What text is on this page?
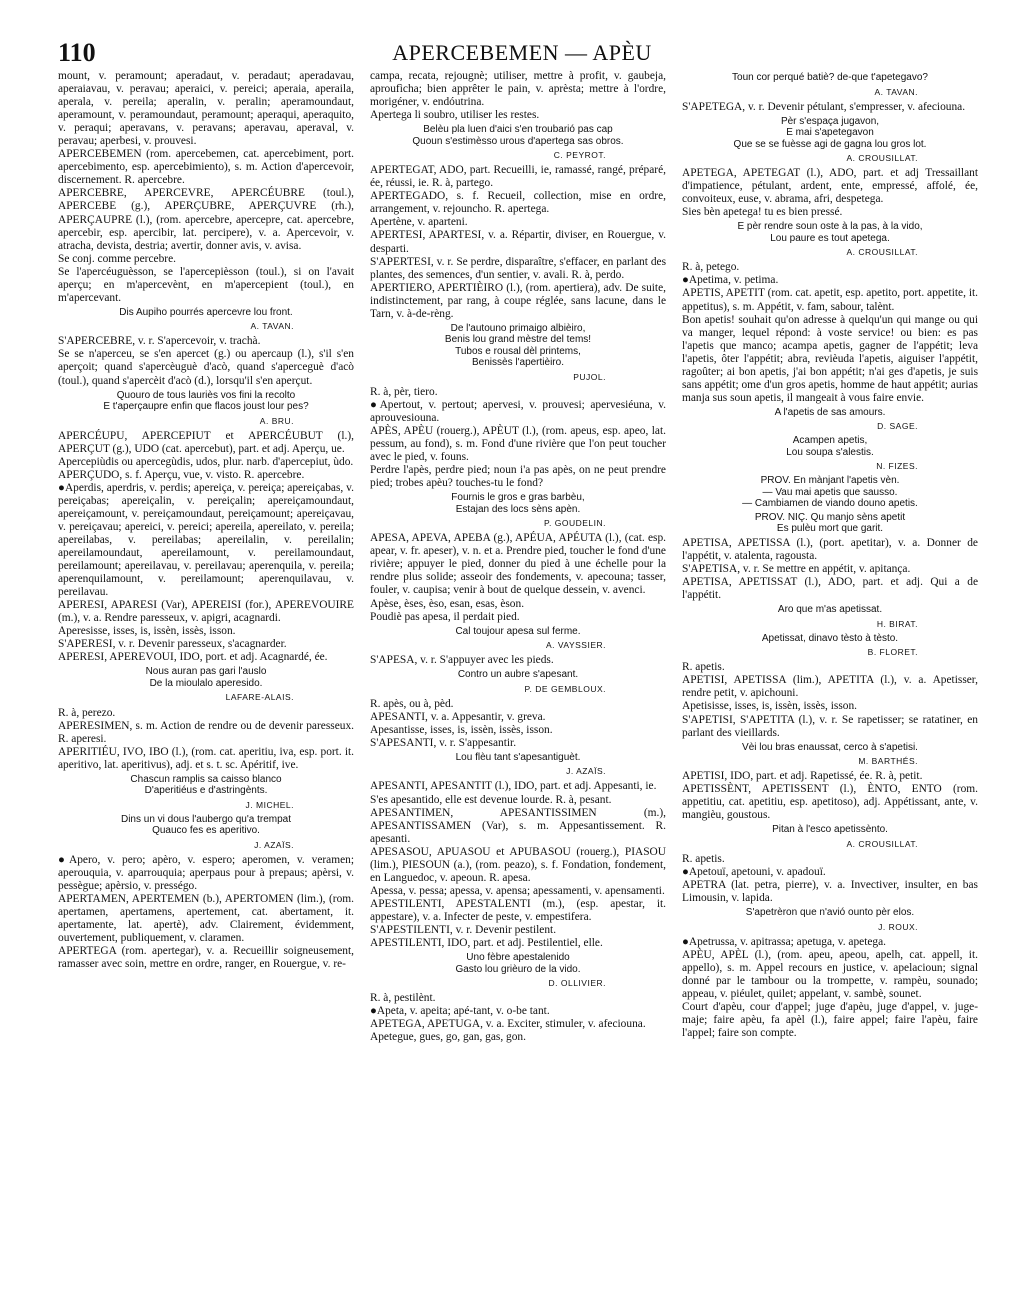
110	APERCEBEMEN — APÈU
mount, v. peramount; aperadaut, v. peradaut; aperadavau, aperaiavau, v. peravau; aperaici, v. pereici; aperaia, aperaila, aperala, v. pereila; aperalin, v. peralin; aperamoundaut, aperamount, v. peramoundaut, peramount; aperaqui, aperaquito, v. peraqui; aperavans, v. peravans; aperavau, aperaval, v. peravau; aperbesi, v. prouvesi.
APERCEBEMEN (rom. apercebemen, cat. apercebiment, port. apercebimento, esp. apercebimiento), s. m. Action d'apercevoir, discernement. R. apercebre.
APERCEBRE, APERCEVRE, APERCÉUBRE (toul.), APERCEBE (g.), APERÇUBRE, APERÇUVRE (rh.), APERÇAUPRE (l.), (rom. apercebre, apercepre, cat. apercebre, apercebir, esp. apercibir, lat. percipere), v. a. Apercevoir, v. atracha, devista, destria; avertir, donner avis, v. avisa.
Se conj. comme percebre.
Se l'apercéuguèsson, se l'apercepièsson (toul.), si on l'avait aperçu; en m'apercevènt, en m'apercepient (toul.), en m'apercevant.
Dis Aupiho pourrés apercevre lou front.
A. TAVAN.
S'APERCEBRE, v. r. S'apercevoir, v. trachà.
Se se n'aperceu, se s'en apercet (g.) ou apercaup (l.), s'il s'en aperçoit; quand s'apercèuguè d'acò, quand s'aperceguè d'acò (toul.), quand s'apercèit d'acò (d.), lorsqu'il s'en aperçut.
Quouro de tous lauriès vos fini la recolto
E t'aperçaupre enfin que flacos joust lour pes?
A. BRU.
APERCÉUPU, APERCEPIUT et APERCÉUBUT (l.), APERÇUT (g.), UDO (cat. apercebut), part. et adj. Aperçu, ue.
Apercepiùdis ou apercegùdis, udos, plur. narb. d'apercepiut, ùdo.
APERÇUDO, s. f. Aperçu, vue, v. visto. R. apercebre.
●Aperdis, aperdris, v. perdis; apereiça, v. pereiça; apereiçabas, v. pereiçabas; apereiçalin, v. pereiçalin; apereiçamoundaut, apereiçamount, v. pereiçamoundaut, pereiçamount; apereiçavau, v. pereiçavau; apereici, v. pereici; apereila, apereilato, v. pereila; apereilabas, v. pereilabas; apereilalin, v. pereilalin; apereilamoundaut, apereilamount, v. pereilamoundaut, pereilamount; apereilavau, v. pereilavau; aperenquila, v. pereila; aperenquilamount, v. pereilamount; aperenquilavau, v. pereilavau.
APERESI, APARESI (Var), APEREISI (for.), APEREVOUIRE (m.), v. a. Rendre paresseux, v. apigri, acagnardi.
Aperesisse, isses, is, issèn, issès, isson.
S'APERESI, v. r. Devenir paresseux, s'acagnarder.
APERESI, APEREVOUI, IDO, port. et adj. Acagnardé, ée.
Nous auran pas gari l'auslo
De la mioulalo aperesido.
LAFARE-ALAIS.
R. à, perezo.
APERESIMEN, s. m. Action de rendre ou de devenir paresseux. R. aperesi.
APERITIÉU, IVO, IBO (l.), (rom. cat. aperitiu, iva, esp. port. it. aperitivo, lat. aperitivus), adj. et s. t. sc. Apéritif, ive.
Chascun ramplis sa caisso blanco
D'aperitiéus e d'astringènts.
J. MICHEL.
Dins un vi dous l'aubergo qu'a trempat
Quauco fes es aperitivo.
J. AZAÏS.
●Apero, v. pero; apèro, v. espero; aperomen, v. veramen; aperouquia, v. aparrouquia; aperpaus pour à prepaus; apèrsi, v. pessègue; apèrsio, v. prességo.
APERTAMEN, APERTEMEN (b.), APERTOMEN (lim.), (rom. apertamen, apertamens, apertement, cat. abertament, it. apertamente, lat. apertè), adv. Clairement, évidemment, ouvertement, publiquement, v. claramen.
APERTEGA (rom. apertegar), v. a. Recueillir soigneusement, ramasser avec soin, mettre en ordre, ranger, en Rouergue, v. re-
campa, recata, rejougnè; utiliser, mettre à profit, v. gaubeja, aproufìcha; bien apprêter le pain, v. aprèsta; mettre à l'ordre, morigéner, v. endóutrina.
Apertega li soubro, utiliser les restes.
Belèu pla luen d'aici s'en troubarió pas cap
Quoun s'estimèsso urous d'apertega sas obros.
C. PEYROT.
APERTEGAT, ADO, part. Recueilli, ie, ramassé, rangé, préparé, ée, réussi, ie. R. à, partego.
APERTEGADO, s. f. Recueil, collection, mise en ordre, arrangement, v. rejouncho. R. apertega.
Apertène, v. aparteni.
APERTESI, APARTESI, v. a. Répartir, diviser, en Rouergue, v. desparti.
S'APERTESI, v. r. Se perdre, disparaître, s'effacer, en parlant des plantes, des semences, d'un sentier, v. avali. R. à, perdo.
APERTIERO, APERTIÈIRO (l.), (rom. apertiera), adv. De suite, indistinctement, par rang, à coupe réglée, sans lacune, dans le Tarn, v. à-de-rèng.
De l'autouno primaigo albièiro,
Benis lou grand mèstre del tems!
Tubos e rousal dèl printems,
Benissès l'apertièiro.
PUJOL.
R. à, pèr, tiero.
●Apertout, v. pertout; apervesi, v. prouvesi; apervesiéuna, v. aprouvesiouna.
APÈS, APÈU (rouerg.), APÈUT (l.), (rom. apeus, esp. apeo, lat. pessum, au fond), s. m. Fond d'une rivière que l'on peut toucher avec le pied, v. founs.
Perdre l'apès, perdre pied; noun i'a pas apès, on ne peut prendre pied; trobes apèu? touches-tu le fond?
Fournis le gros e gras barbèu,
Estajan des locs sèns apèn.
P. GOUDELIN.
APESA, APEVA, APEBA (g.), APÉUA, APÉUTA (l.), (cat. esp. apear, v. fr. apeser), v. n. et a. Prendre pied, toucher le fond d'une rivière; appuyer le pied, donner du pied à une échelle pour la rendre plus solide; asseoir des fondements, v. apecouna; tasser, fouler, v. caupisa; venir à bout de quelque dessein, v. avenci.
Apèse, èses, èso, esan, esas, èson.
Poudiè pas apesa, il perdait pied.
Cal toujour apesa sul ferme.
A. VAYSSIER.
S'APESA, v. r. S'appuyer avec les pieds.
Contro un aubre s'apesant.
P. DE GEMBLOUX.
R. apès, ou à, pèd.
APESANTI, v. a. Appesantir, v. greva.
Apesantisse, isses, is, issèn, issès, isson.
S'APESANTI, v. r. S'appesantir.
Lou flèu tant s'apesantiguèt.
J. AZAÏS.
APESANTI, APESANTIT (l.), IDO, part. et adj. Appesanti, ie.
S'es apesantido, elle est devenue lourde. R. à, pesant.
APESANTIMEN, APESANTISSIMEN (m.), APESANTISSAMEN (Var), s. m. Appesantissement. R. apesanti.
APESASOU, APUASOU et APUBASOU (rouerg.), PIASOU (lim.), PIESOUN (a.), (rom. peazo), s. f. Fondation, fondement, en Languedoc, v. apeoun. R. apesa.
Apessa, v. pessa; apessa, v. apensa; apessamenti, v. apensamenti.
APESTILENTI, APESTALENTI (m.), (esp. apestar, it. appestare), v. a. Infecter de peste, v. empestifera.
S'APESTILENTI, v. r. Devenir pestilent.
APESTILENTI, IDO, part. et adj. Pestilentiel, elle.
Uno fèbre apestalenido
Gasto lou grièuro de la vido.
D. OLLIVIER.
R. à, pestilènt.
●Apeta, v. apeita; apé-tant, v. o-be tant.
APETEGA, APETUGA, v. a. Exciter, stimuler, v. afeciouna.
Apetegue, gues, go, gan, gas, gon.
Toun cor perqué batiè? de-que t'apetegavo?
A. TAVAN.
S'APETEGA, v. r. Devenir pétulant, s'empresser, v. afeciouna.
Pèr s'espaça jugavon,
E mai s'apetegavon
Que se se fuèsse agi de gagna lou gros lot.
A. CROUSILLAT.
APETEGA, APETEGAT (l.), ADO, part. et adj Tressaillant d'impatience, pétulant, ardent, ente, empressé, affolé, ée, convoiteux, euse, v. abrama, afri, despetega.
Sies bèn apetega! tu es bien pressé.
E pèr rendre soun oste à la pas, à la vido,
Lou paure es tout apetega.
A. CROUSILLAT.
R. à, petego.
●Apetima, v. petima.
APETIS, APETIT (rom. cat. apetit, esp. apetito, port. appetite, it. appetitus), s. m. Appétit, v. fam, sabour, talènt.
Bon apetis! souhait qu'on adresse à quelqu'un qui mange ou qui va manger, lequel répond: à voste service! ou bien: es pas l'apetis que manco; acampa apetis, gagner de l'appétit; leva l'apetis, ôter l'appétit; abra, revièuda l'apetis, aiguiser l'appétit, ragoûter; ai bon apetis, j'ai bon appétit; n'ai ges d'apetis, je suis sans appétit; ome d'un gros apetis, homme de haut appétit; aurias manja sus soun apetis, il mangeait à vous faire envie.
A l'apetis de sas amours.
D. SAGE.
Acampen apetis,
Lou soupa s'alestis.
N. FIZES.
PROV. En mànjant l'apetis vèn.
— Vau mai apetis que sausso.
— Cambiamen de viando douno apetis.
PROV. NIÇ. Qu manjo sèns apetit
Es pulèu mort que garit.
APETISA, APETISSA (l.), (port. apetitar), v. a. Donner de l'appétit, v. atalenta, ragousta.
S'APETISA, v. r. Se mettre en appétit, v. apitança.
APETISA, APETISSAT (l.), ADO, part. et adj. Qui a de l'appétit.
Aro que m'as apetissat.
H. BIRAT.
Apetissat, dinavo tèsto à tèsto.
B. FLORET.
R. apetis.
APETISI, APETISSA (lim.), APETITA (l.), v. a. Apetisser, rendre petit, v. apichouni.
Apetisisse, isses, is, issèn, issès, isson.
S'APETISI, S'APETITA (l.), v. r. Se rapetisser; se ratatiner, en parlant des vieillards.
Vèi lou bras enaussat, cerco à s'apetisi.
M. BARTHÉS.
APETISI, IDO, part. et adj. Rapetissé, ée. R. à, petit.
APETISSÈNT, APETISSENT (l.), ÈNTO, ENTO (rom. appetitiu, cat. apetitiu, esp. apetitoso), adj. Appétissant, ante, v. mangièu, goustous.
Pitan à l'esco apetissènto.
A. CROUSILLAT.
R. apetis.
●Apetouï, apetouni, v. apadouï.
APETRA (lat. petra, pierre), v. a. Invectiver, insulter, en bas Limousin, v. lapida.
S'apetrèron que n'avió ounto pèr elos.
J. ROUX.
●Apetrussa, v. apitrassa; apetuga, v. apetega.
APÈU, APÈL (l.), (rom. apeu, apeou, apelh, cat. appell, it. appello), s. m. Appel recours en justice, v. apelacioun; signal donné par le tambour ou la trompette, v. rampèu, sounado; appeau, v. piéulet, quilet; appelant, v. sambè, sounet.
Court d'apèu, cour d'appel; juge d'apèu, juge d'appel, v. juge-maje; faire apèu, fa apèl (l.), faire appel; faire l'apèu, faire l'appel; faire son compte.
